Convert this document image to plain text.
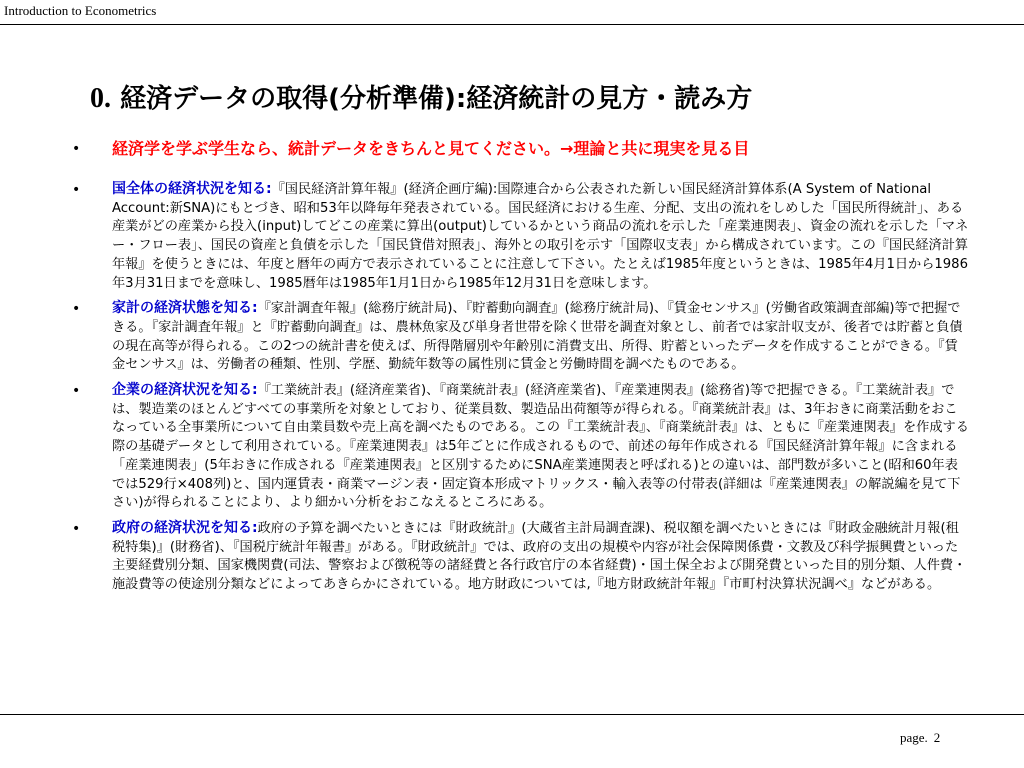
Introduction to Econometrics
0. 経済データの取得(分析準備):経済統計の見方・読み方
• 経済学を学ぶ学生なら、統計データをきちんと見てください。→理論と共に現実を見る目
• 国全体の経済状況を知る:『国民経済計算年報』(経済企画庁編):国際連合から公表された新しい国民経済計算体系(A System of National Account:新SNA)にもとづき、昭和53年以降毎年発表されている。国民経済における生産、分配、支出の流れをしめした「国民所得統計」、ある産業がどの産業から投入(input)してどこの産業に算出(output)しているかという商品の流れを示した「産業連関表」、資金の流れを示した「マネー・フロー表」、国民の資産と負債を示した「国民貸借対照表」、海外との取引を示す「国際収支表」から構成されています。この『国民経済計算年報』を使うときには、年度と暦年の両方で表示されていることに注意して下さい。たとえば1985年度というときは、1985年4月1日から1986年3月31日までを意味し、1985暦年は1985年1月1日から1985年12月31日を意味します。
• 家計の経済状態を知る:『家計調査年報』(総務庁統計局)、『貯蓄動向調査』(総務庁統計局)、『賃金センサス』(労働省政策調査部編)等で把握できる。『家計調査年報』と『貯蓄動向調査』は、農林魚家及び単身者世帯を除く世帯を調査対象とし、前者では家計収支が、後者では貯蓄と負債の現在高等が得られる。この2つの統計書を使えば、所得階層別や年齢別に消費支出、所得、貯蓄といったデータを作成することができる。『賃金センサス』は、労働者の種類、性別、学歴、勤続年数等の属性別に賃金と労働時間を調べたものである。
• 企業の経済状況を知る:『工業統計表』(経済産業省)、『商業統計表』(経済産業省)、『産業連関表』(総務省)等で把握できる。『工業統計表』では、製造業のほとんどすべての事業所を対象としており、従業員数、製造品出荷額等が得られる。『商業統計表』は、3年おきに商業活動をおこなっている全事業所について自由業員数や売上高を調べたものである。この『工業統計表』、『商業統計表』は、ともに『産業連関表』を作成する際の基礎データとして利用されている。『産業連関表』は5年ごとに作成されるもので、前述の毎年作成される『国民経済計算年報』に含まれる「産業連関表」(5年おきに作成される『産業連関表』と区別するためにSNA産業連関表と呼ばれる)との違いは、部門数が多いこと(昭和60年表では529行×408列)と、国内運賃表・商業マージン表・固定資本形成マトリックス・輸入表等の付帯表(詳細は『産業連関表』の解説編を見て下さい)が得られることにより、より細かい分析をおこなえるところにある。
• 政府の経済状況を知る:政府の予算を調べたいときには『財政統計』(大蔵省主計局調査課)、税収額を調べたいときには『財政金融統計月報(租税特集)』(財務省)、『国税庁統計年報書』がある。『財政統計』では、政府の支出の規模や内容が社会保障関係費・文教及び科学振興費といった主要経費別分類、国家機関費(司法、警察および徴税等の諸経費と各行政官庁の本省経費)・国土保全および開発費といった目的別分類、人件費・施設費等の使途別分類などによってあきらかにされている。地方財政については,『地方財政統計年報』『市町村決算状況調べ』などがある。
page. 2
